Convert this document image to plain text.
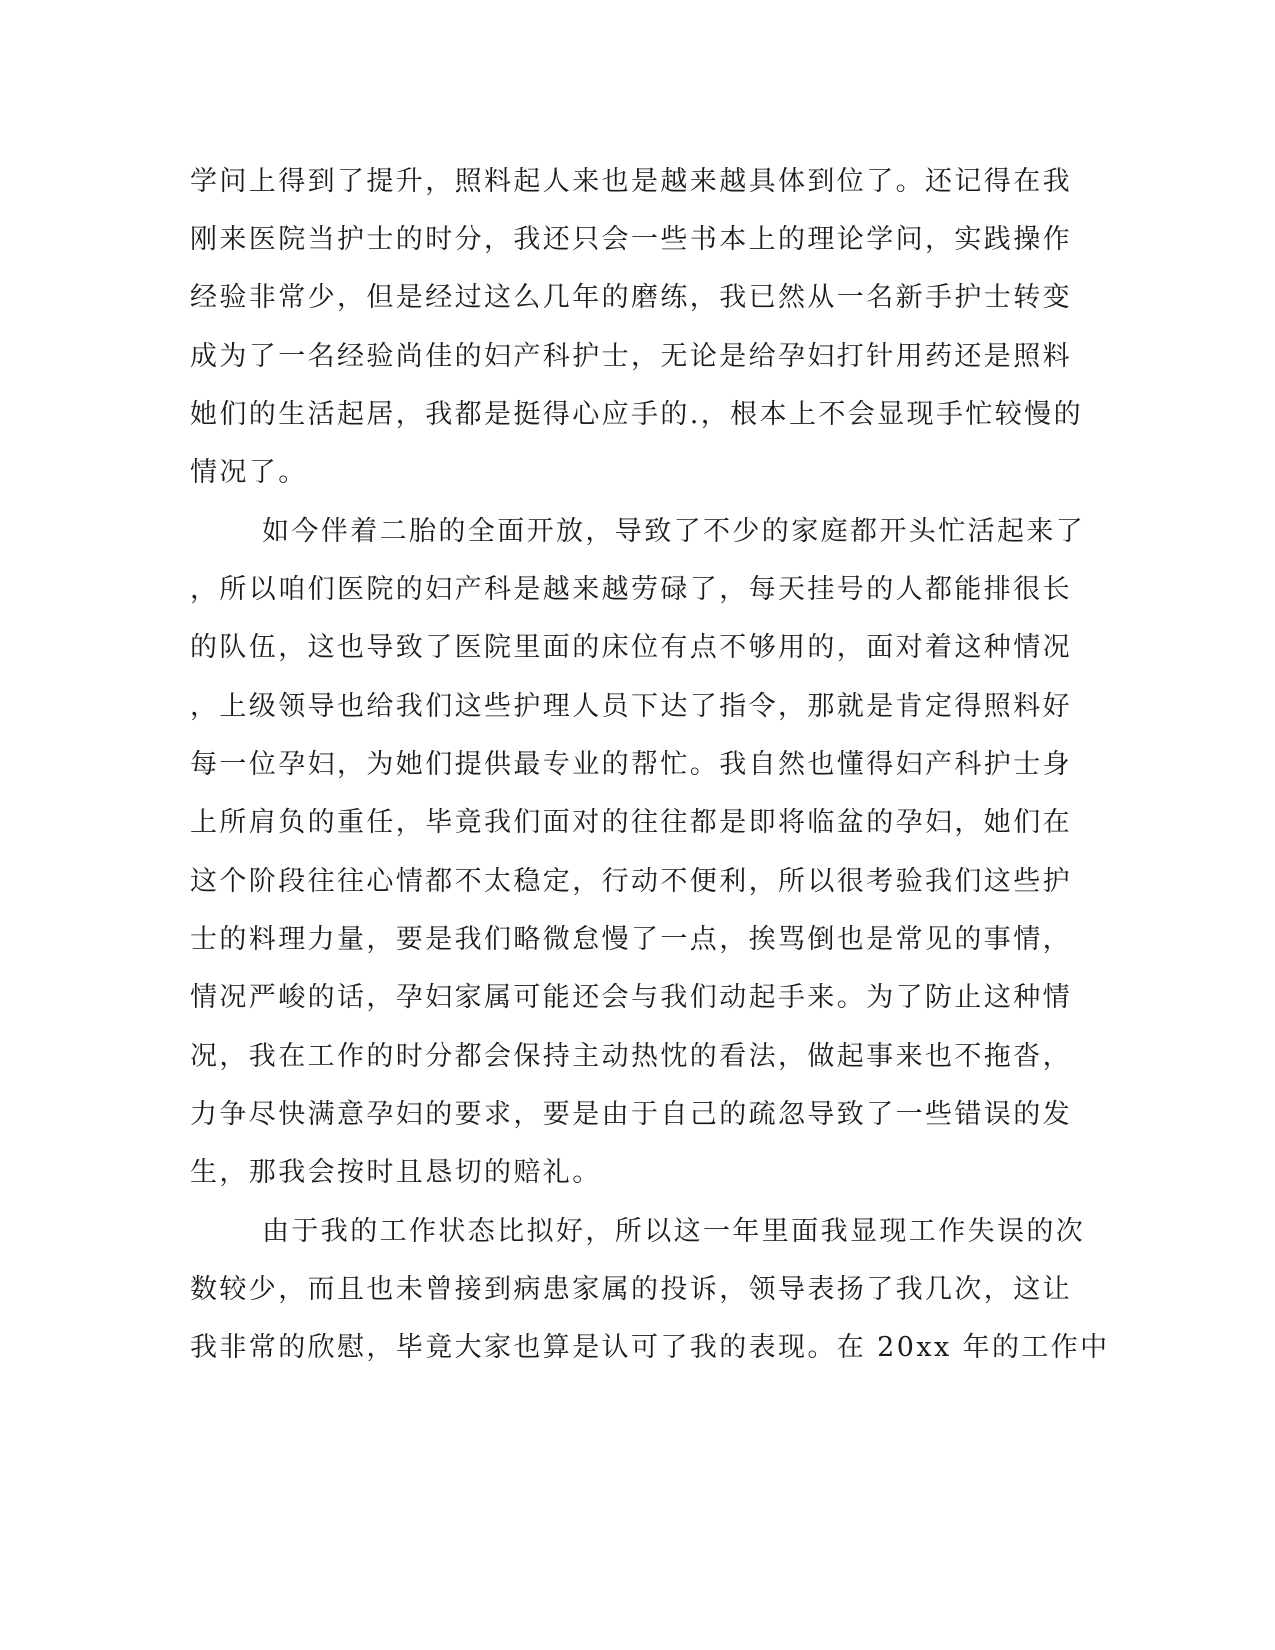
学问上得到了提升，照料起人来也是越来越具体到位了。还记得在我

刚来医院当护士的时分，我还只会一些书本上的理论学问，实践操作

经验非常少，但是经过这么几年的磨练，我已然从一名新手护士转变

成为了一名经验尚佳的妇产科护士，无论是给孕妇打针用药还是照料

她们的生活起居，我都是挺得心应手的.，根本上不会显现手忙较慢的

情况了。

如今伴着二胎的全面开放，导致了不少的家庭都开头忙活起来了

，所以咱们医院的妇产科是越来越劳碌了，每天挂号的人都能排很长

的队伍，这也导致了医院里面的床位有点不够用的，面对着这种情况

，上级领导也给我们这些护理人员下达了指令，那就是肯定得照料好

每一位孕妇，为她们提供最专业的帮忙。我自然也懂得妇产科护士身

上所肩负的重任，毕竟我们面对的往往都是即将临盆的孕妇，她们在

这个阶段往往心情都不太稳定，行动不便利，所以很考验我们这些护

士的料理力量，要是我们略微怠慢了一点，挨骂倒也是常见的事情，

情况严峻的话，孕妇家属可能还会与我们动起手来。为了防止这种情

况，我在工作的时分都会保持主动热忱的看法，做起事来也不拖沓，

力争尽快满意孕妇的要求，要是由于自己的疏忽导致了一些错误的发

生，那我会按时且恳切的赔礼。

由于我的工作状态比拟好，所以这一年里面我显现工作失误的次

数较少，而且也未曾接到病患家属的投诉，领导表扬了我几次，这让

我非常的欣慰，毕竟大家也算是认可了我的表现。在 20xx 年的工作中
